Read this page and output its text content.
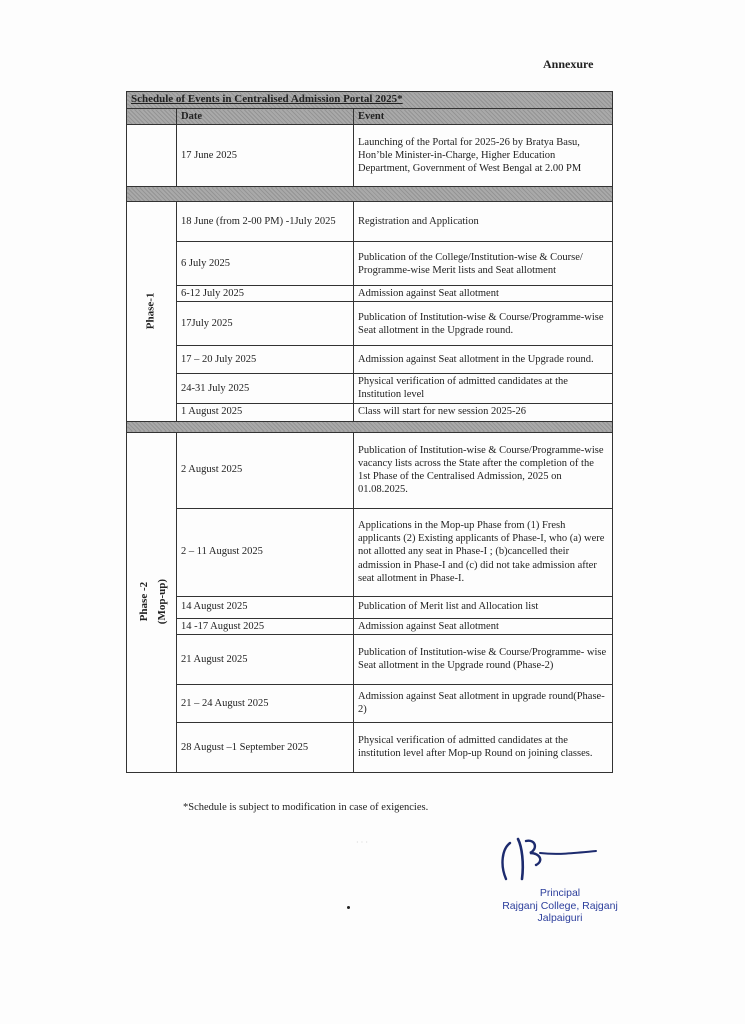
Annexure
Schedule of Events in Centralised Admission Portal 2025*		
	Date	Event
	17 June 2025	Launching of the Portal for 2025-26 by Bratya Basu, Hon’ble Minister-in-Charge, Higher Education Department, Government of West Bengal at 2.00 PM

Phase-1	18 June (from 2-00 PM) -1July 2025	Registration and Application
	6 July 2025	Publication of the College/Institution-wise & Course/ Programme-wise Merit lists and Seat allotment
	6-12 July 2025	Admission against Seat allotment
	17July 2025	Publication of Institution-wise & Course/Programme-wise Seat allotment in the Upgrade round.
	17 – 20 July 2025	Admission against Seat allotment in the Upgrade round.
	24-31 July 2025	Physical verification of admitted candidates at the Institution level
	1 August 2025	Class will start for new session 2025-26

Phase -2 (Mop-up)	2 August 2025	Publication of Institution-wise & Course/Programme-wise vacancy lists across the State after the completion of the 1st Phase of the Centralised Admission, 2025 on 01.08.2025.
	2 – 11 August 2025	Applications in the Mop-up Phase from (1) Fresh applicants (2) Existing applicants of Phase-I, who (a) were not allotted any seat in Phase-I ; (b)cancelled their admission in Phase-I and (c) did not take admission after seat allotment in Phase-I.
	14 August 2025	Publication of Merit list and Allocation list
	14 -17 August 2025	Admission against Seat allotment
	21 August 2025	Publication of Institution-wise & Course/Programme- wise Seat allotment in the Upgrade round (Phase-2)
	21 – 24 August 2025	Admission against Seat allotment in upgrade round(Phase-2)
	28 August –1 September 2025	Physical verification of admitted candidates at the institution level after Mop-up Round on joining classes.
*Schedule is subject to modification in case of exigencies.
· · ·
Principal
Rajganj College, Rajganj
Jalpaiguri
